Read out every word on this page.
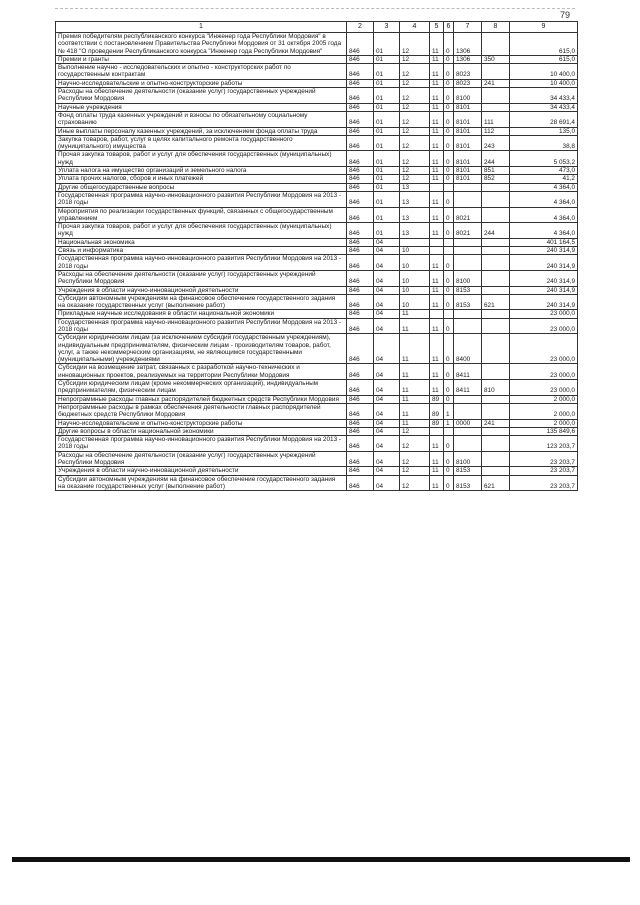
79
1	2	3	4	5	6	7	8	9
Премия победителям республиканского конкурса "Инженер года Республики Мордовия" в соответствии с постановлением Правительства Республики Мордовия от 31 октября 2005 года № 418 "О проведении Республиканского конкурса "Инженер года Республики Мордовия"	846	01	12	11	0	1306		615,0
Премии и гранты	846	01	12	11	0	1306	350	615,0
Выполнение научно - исследовательских и опытно - конструкторских работ по государственным контрактам	846	01	12	11	0	8023		10 400,0
Научно-исследовательские и опытно-конструкторские работы	846	01	12	11	0	8023	241	10 400,0
Расходы на обеспечение деятельности (оказание услуг) государственных учреждений Республики Мордовия	846	01	12	11	0	8100		34 433,4
Научные учреждения	846	01	12	11	0	8101		34 433,4
Фонд оплаты труда казенных учреждений и взносы по обязательному социальному страхованию	846	01	12	11	0	8101	111	28 691,4
Иные выплаты персоналу казенных учреждений, за исключением фонда оплаты труда	846	01	12	11	0	8101	112	135,0
Закупка товаров, работ, услуг в целях капитального ремонта государственного (муниципального) имущества	846	01	12	11	0	8101	243	38,8
Прочая закупка товаров, работ и услуг для обеспечения государственных (муниципальных) нужд	846	01	12	11	0	8101	244	5 053,2
Уплата налога на имущество организаций и земельного налога	846	01	12	11	0	8101	851	473,0
Уплата прочих налогов, сборов и иных платежей	846	01	12	11	0	8101	852	41,2
Другие общегосударственные вопросы	846	01	13					4 364,0
Государственная программа научно-инновационного развития Республики Мордовия на 2013 - 2018 годы	846	01	13	11	0			4 364,0
Мероприятия по реализации государственных функций, связанных с общегосударственным управлением	846	01	13	11	0	8021		4 364,0
Прочая закупка товаров, работ и услуг для обеспечения государственных (муниципальных) нужд	846	01	13	11	0	8021	244	4 364,0
Национальная экономика	846	04						401 164,5
Связь и информатика	846	04	10					240 314,9
Государственная программа научно-инновационного развития Республики Мордовия на 2013 - 2018 годы	846	04	10	11	0			240 314,9
Расходы на обеспечение деятельности (оказание услуг) государственных учреждений Республики Мордовия	846	04	10	11	0	8100		240 314,9
Учреждения в области научно-инновационной деятельности	846	04	10	11	0	8153		240 314,9
Субсидии автономным учреждениям на финансовое обеспечение государственного задания на оказание государственных услуг (выполнение работ)	846	04	10	11	0	8153	621	240 314,9
Прикладные научные исследования в области национальной экономики	846	04	11					23 000,0
Государственная программа научно-инновационного развития Республики Мордовия на 2013 - 2018 годы	846	04	11	11	0			23 000,0
Субсидии юридическим лицам (за исключением субсидий государственным учреждениям), индивидуальным предпринимателям, физическим лицам - производителям товаров, работ, услуг, а также некоммерческим организациям, не являющимся государственными (муниципальными) учреждениями	846	04	11	11	0	8400		23 000,0
Субсидии на возмещение затрат, связанных с разработкой научно-технических и инновационных проектов, реализуемых на территории Республики Мордовия	846	04	11	11	0	8411		23 000,0
Субсидии юридическим лицам (кроме некоммерческих организаций), индивидуальным предпринимателям, физическим лицам	846	04	11	11	0	8411	810	23 000,0
Непрограммные расходы главных распорядителей бюджетных средств Республики Мордовия	846	04	11	89	0			2 000,0
Непрограммные расходы в рамках обеспечения деятельности главных распорядителей бюджетных средств Республики Мордовия	846	04	11	89	1			2 000,0
Научно-исследовательские и опытно-конструкторские работы	846	04	11	89	1	0000	241	2 000,0
Другие вопросы в области национальной экономики	846	04	12					135 849,6
Государственная программа научно-инновационного развития Республики Мордовия на 2013 - 2018 годы	846	04	12	11	0			123 203,7
Расходы на обеспечение деятельности (оказание услуг) государственных учреждений Республики Мордовия	846	04	12	11	0	8100		23 203,7
Учреждения в области научно-инновационной деятельности	846	04	12	11	0	8153		23 203,7
Субсидии автономным учреждениям на финансовое обеспечение государственного задания на оказание государственных услуг (выполнение работ)	846	04	12	11	0	8153	621	23 203,7
